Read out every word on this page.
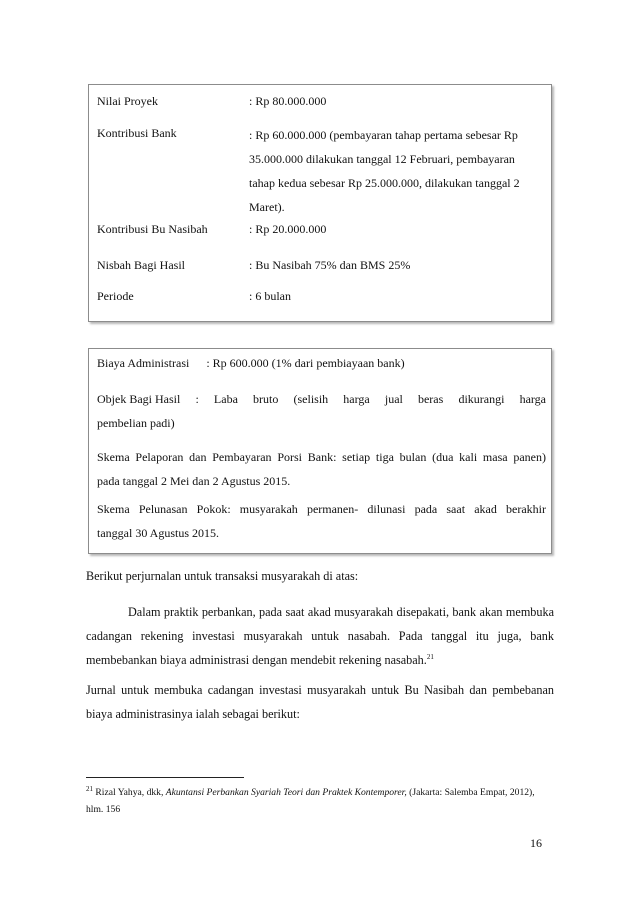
Nilai Proyek	: Rp 80.000.000
Kontribusi Bank	: Rp 60.000.000 (pembayaran tahap pertama sebesar Rp
35.000.000 dilakukan tanggal 12 Februari, pembayaran
tahap kedua sebesar Rp 25.000.000, dilakukan tanggal 2
Maret).
Kontribusi Bu Nasibah	: Rp 20.000.000
Nisbah Bagi Hasil	: Bu Nasibah 75% dan BMS 25%
Periode	: 6 bulan
Biaya Administrasi : Rp 600.000 (1% dari pembiayaan bank)
Objek Bagi Hasil : Laba bruto (selisih harga jual beras dikurangi harga
pembelian padi)
Skema Pelaporan dan Pembayaran Porsi Bank: setiap tiga bulan (dua kali masa panen)
pada tanggal 2 Mei dan 2 Agustus 2015.
Skema Pelunasan Pokok: musyarakah permanen- dilunasi pada saat akad berakhir
tanggal 30 Agustus 2015.
Berikut perjurnalan untuk transaksi musyarakah di atas:
Dalam praktik perbankan, pada saat akad musyarakah disepakati, bank akan membuka cadangan rekening investasi musyarakah untuk nasabah. Pada tanggal itu juga, bank membebankan biaya administrasi dengan mendebit rekening nasabah.$^{21}$
Jurnal untuk membuka cadangan investasi musyarakah untuk Bu Nasibah dan pembebanan biaya administrasinya ialah sebagai berikut:
$^{21}$ Rizal Yahya, dkk, Akuntansi Perbankan Syariah Teori dan Praktek Kontemporer, (Jakarta: Salemba Empat, 2012), hlm. 156
16
